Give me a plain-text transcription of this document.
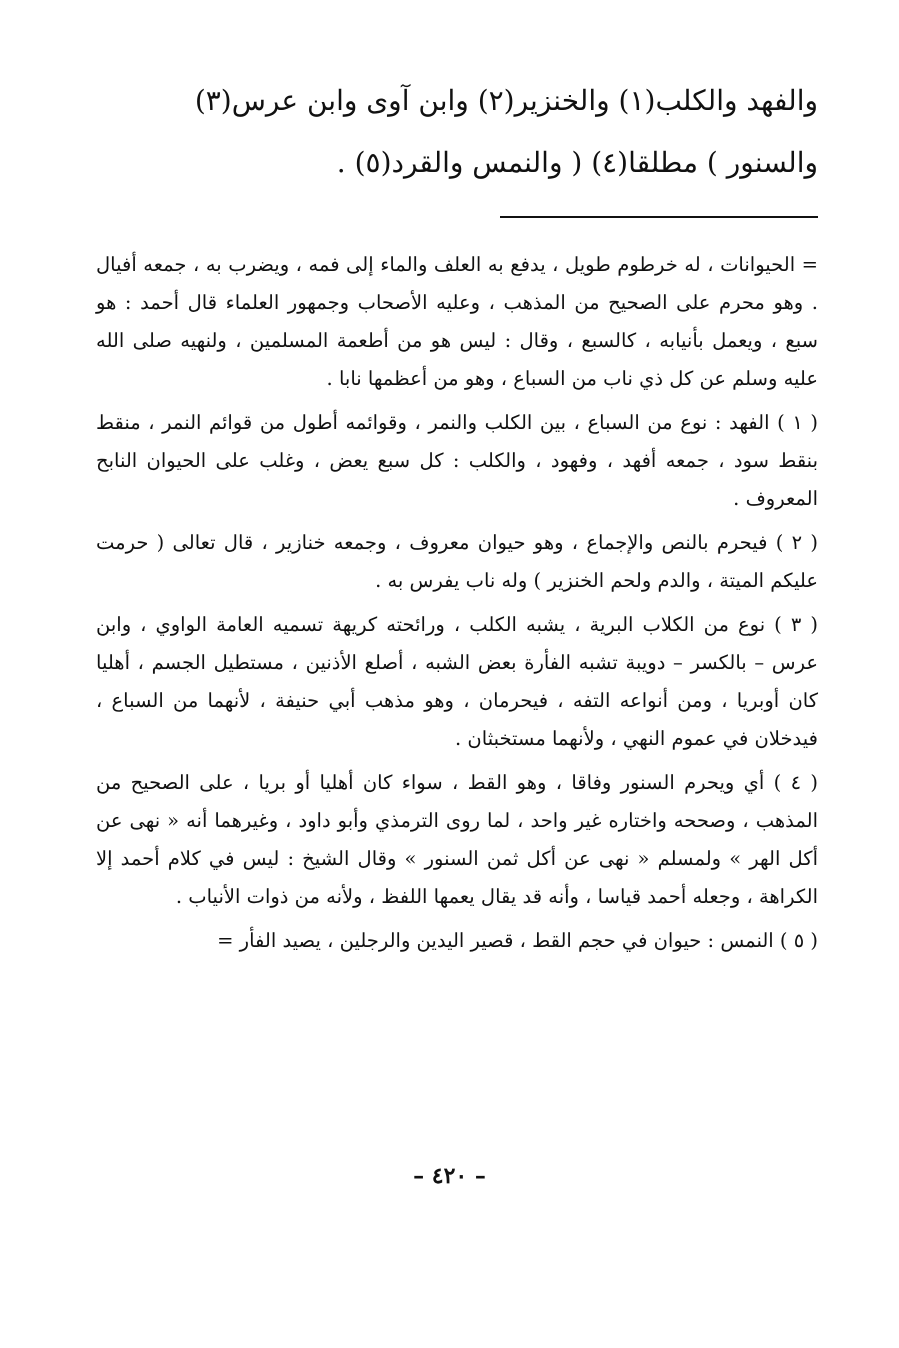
والفهد والكلب(١) والخنزير(٢) وابن آوى وابن عرس(٣)

والسنور ) مطلقا(٤) ( والنمس والقرد(٥) .

= الحيوانات ، له خرطوم طويل ، يدفع به العلف والماء إلى فمه ، ويضرب به ، جمعه أفيال . وهو محرم على الصحيح من المذهب ، وعليه الأصحاب وجمهور العلماء قال أحمد : هو سبع ، ويعمل بأنيابه ، كالسبع ، وقال : ليس هو من أطعمة المسلمين ، ولنهيه صلى الله عليه وسلم عن كل ذي ناب من السباع ، وهو من أعظمها نابا .

( ١ ) الفهد : نوع من السباع ، بين الكلب والنمر ، وقوائمه أطول من قوائم النمر ، منقط بنقط سود ، جمعه أفهد ، وفهود ، والكلب : كل سبع يعض ، وغلب على الحيوان النابح المعروف .

( ٢ ) فيحرم بالنص والإجماع ، وهو حيوان معروف ، وجمعه خنازير ، قال تعالى ( حرمت عليكم الميتة ، والدم ولحم الخنزير ) وله ناب يفرس به .

( ٣ ) نوع من الكلاب البرية ، يشبه الكلب ، ورائحته كريهة تسميه العامة الواوي ، وابن عرس – بالكسر – دويبة تشبه الفأرة بعض الشبه ، أصلع الأذنين ، مستطيل الجسم ، أهليا كان أوبريا ، ومن أنواعه التفه ، فيحرمان ، وهو مذهب أبي حنيفة ، لأنهما من السباع ، فيدخلان في عموم النهي ، ولأنهما مستخبثان .

( ٤ ) أي ويحرم السنور وفاقا ، وهو القط ، سواء كان أهليا أو بريا ، على الصحيح من المذهب ، وصححه واختاره غير واحد ، لما روى الترمذي وأبو داود ، وغيرهما أنه « نهى عن أكل الهر » ولمسلم « نهى عن أكل ثمن السنور » وقال الشيخ : ليس في كلام أحمد إلا الكراهة ، وجعله أحمد قياسا ، وأنه قد يقال يعمها اللفظ ، ولأنه من ذوات الأنياب .

( ٥ ) النمس : حيوان في حجم القط ، قصير اليدين والرجلين ، يصيد الفأر =

– ٤٢٠ –
